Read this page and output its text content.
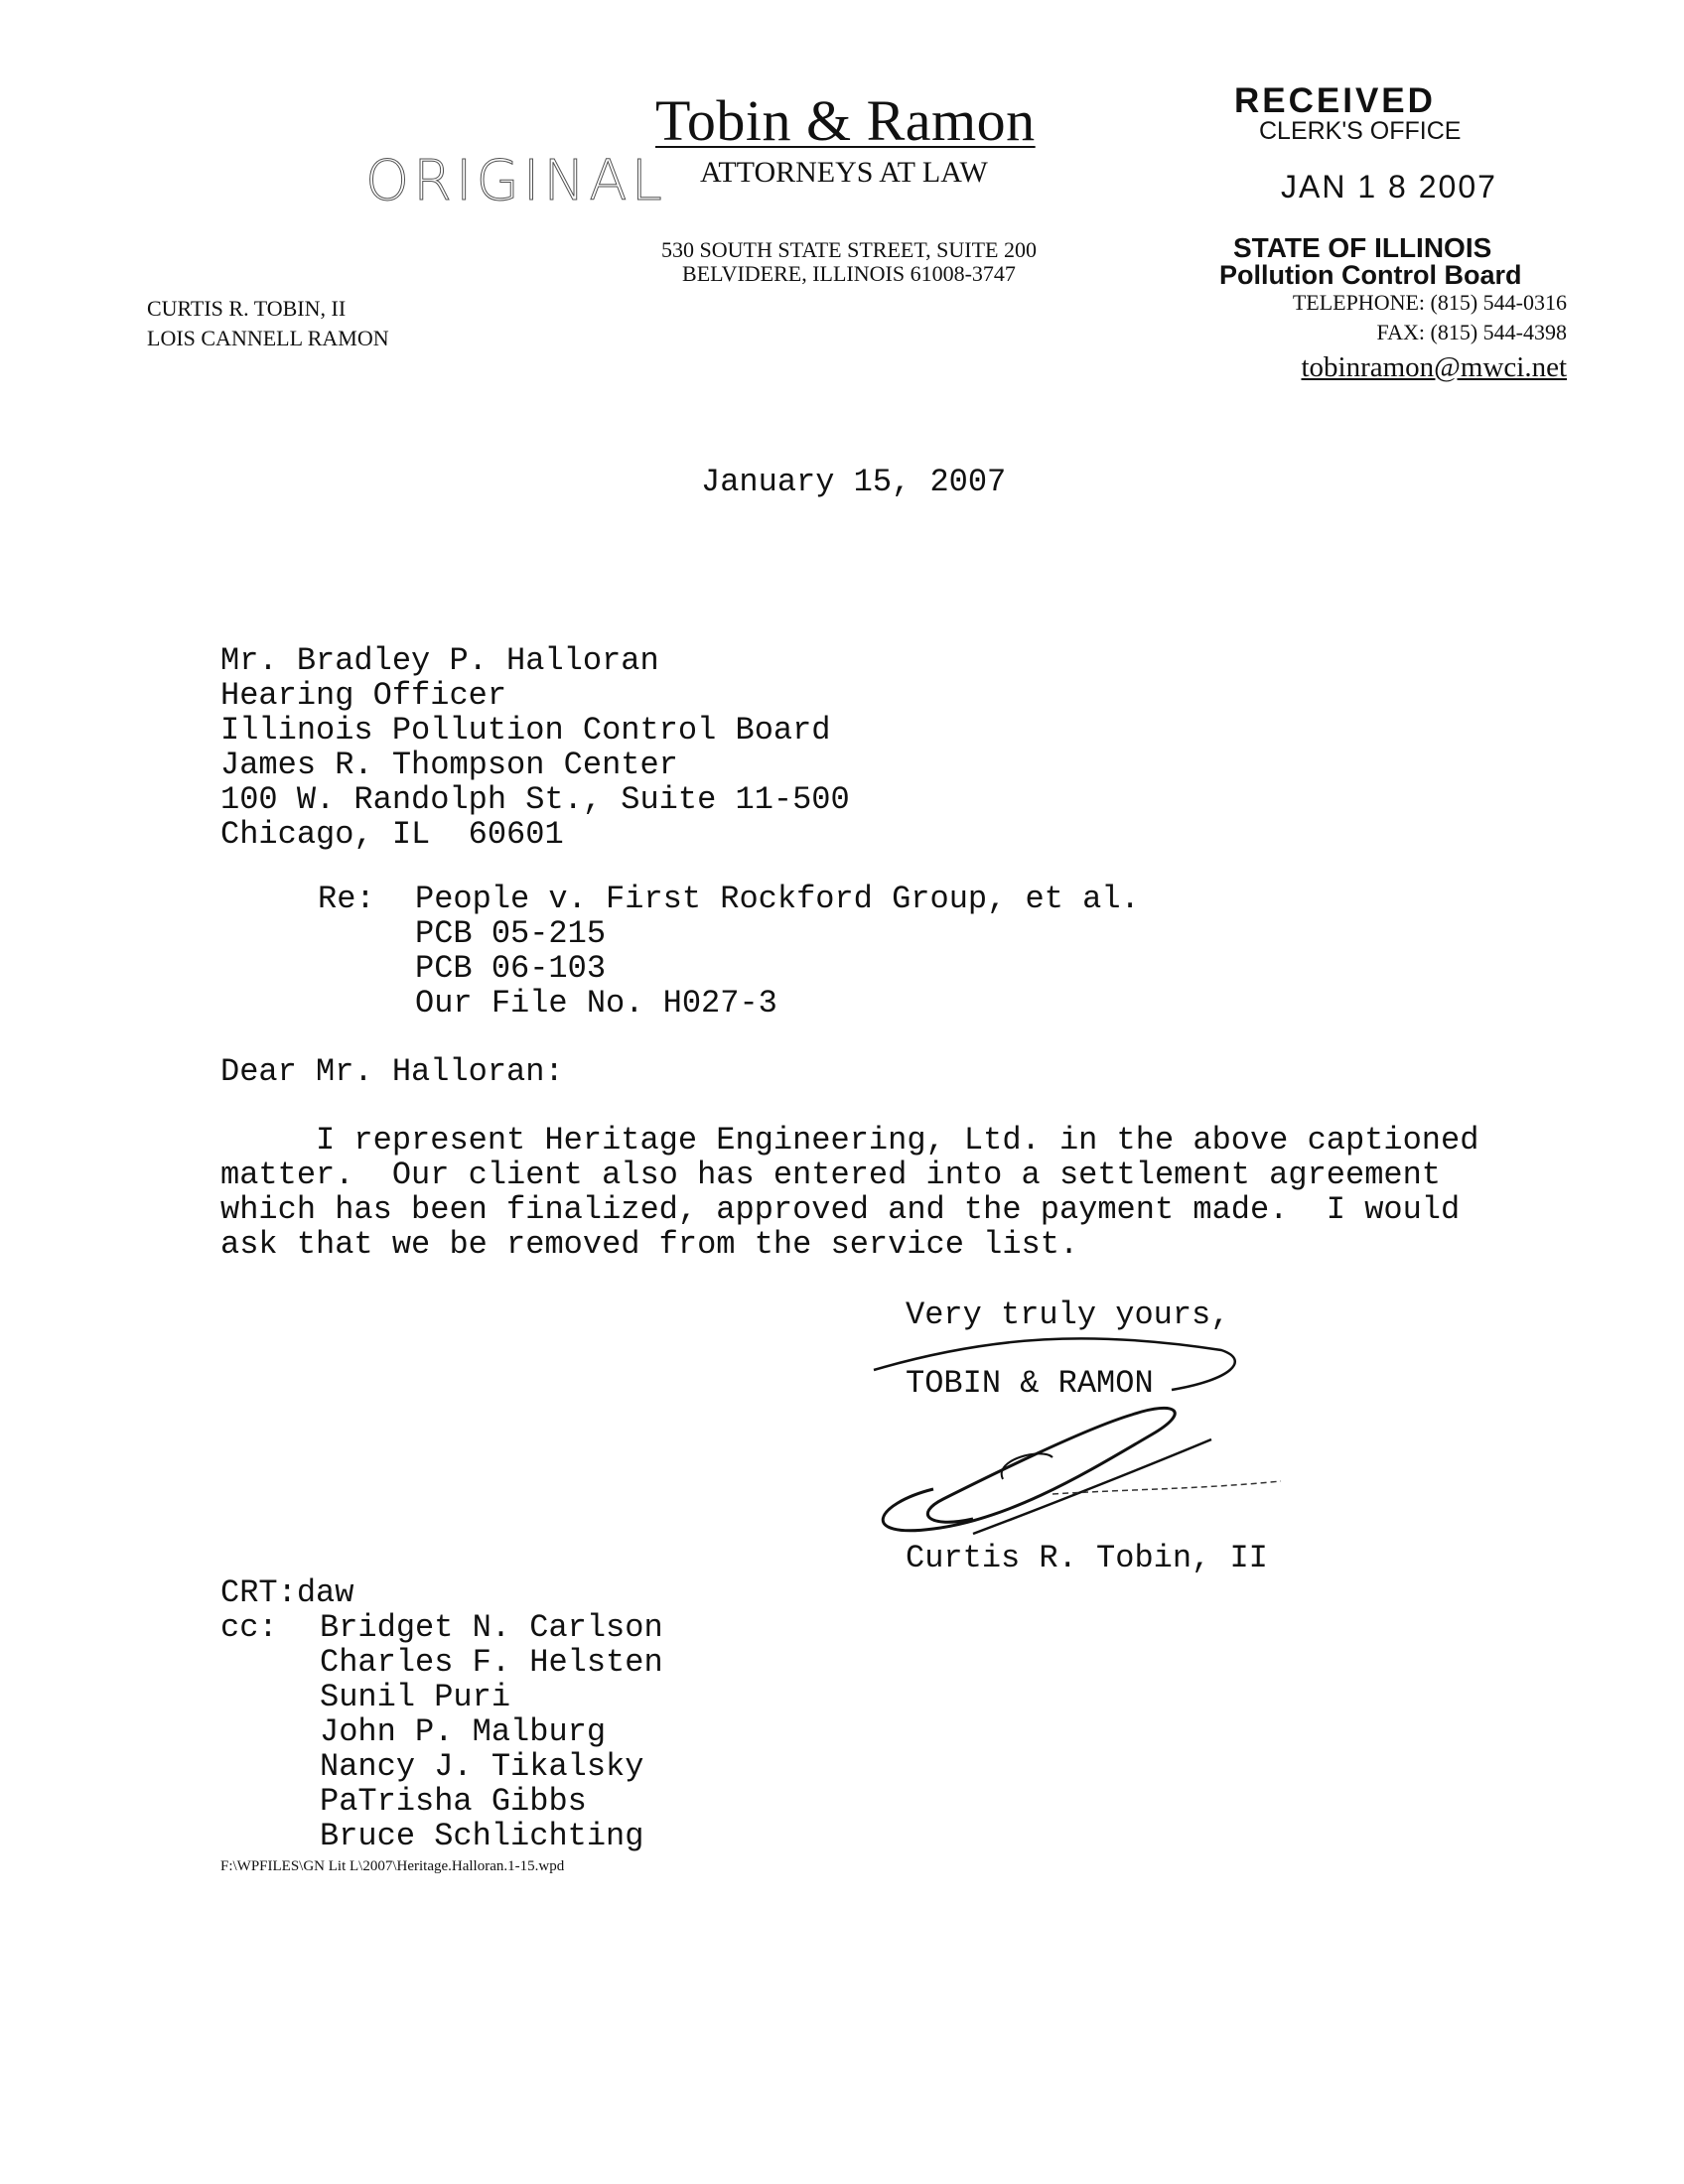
ORIGINAL
Tobin & Ramon
ATTORNEYS AT LAW
530 SOUTH STATE STREET, SUITE 200
BELVIDERE, ILLINOIS 61008-3747
CURTIS R. TOBIN, II
LOIS CANNELL RAMON
RECEIVED
CLERK'S OFFICE
JAN 1 8 2007
STATE OF ILLINOIS
Pollution Control Board
TELEPHONE: (815) 544-0316
FAX: (815) 544-4398
tobinramon@mwci.net
January 15, 2007
Mr. Bradley P. Halloran
Hearing Officer
Illinois Pollution Control Board
James R. Thompson Center
100 W. Randolph St., Suite 11-500
Chicago, IL  60601
Re: People v. First Rockford Group, et al.
PCB 05-215
PCB 06-103
Our File No. H027-3
Dear Mr. Halloran:
I represent Heritage Engineering, Ltd. in the above captioned
matter.  Our client also has entered into a settlement agreement
which has been finalized, approved and the payment made.  I would
ask that we be removed from the service list.
Very truly yours,
TOBIN & RAMON
Curtis R. Tobin, II
CRT:daw
cc: Bridget N. Carlson
Charles F. Helsten
Sunil Puri
John P. Malburg
Nancy J. Tikalsky
PaTrisha Gibbs
Bruce Schlichting
F:\WPFILES\GN Lit L\2007\Heritage.Halloran.1-15.wpd
